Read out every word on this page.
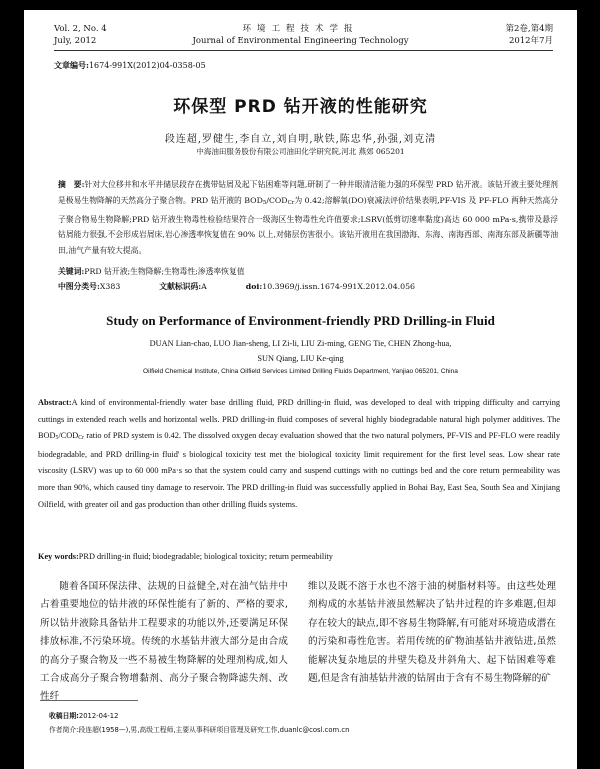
Vol. 2, No. 4
July, 2012
环境工程技术学报
Journal of Environmental Engineering Technology
第2卷,第4期
2012年7月
文章编号:1674-991X(2012)04-0358-05
环保型 PRD 钻开液的性能研究
段连超,罗健生,李自立,刘自明,耿铁,陈忠华,孙强,刘克清
中海油田服务股份有限公司油田化学研究院,河北 燕郊 065201
摘　要:针对大位移井和水平井储层段存在携带钻屑及起下钻困难等问题,研制了一种井眼清洁能力强的环保型 PRD 钻开液。该钻开液主要处理剂是极易生物降解的天然高分子聚合物。PRD 钻开液的 $BOD_5/COD_{Cr}$为 0.42;溶解氧(DO)衰减法评价结果表明,PF-VIS 及 PF-FLO 两种天然高分子聚合物易生物降解;PRD 钻开液生物毒性检验结果符合一级海区生物毒性允许值要求;LSRV(低剪切速率黏度)高达 60 000 mPa·s,携带及悬浮钻屑能力很强,不会形成岩屑床,岩心渗透率恢复值在 90% 以上,对储层伤害很小。该钻开液用在我国渤海、东海、南海西部、南海东部及新疆等油田,油气产量有较大提高。
关键词:PRD 钻开液;生物降解;生物毒性;渗透率恢复值
中图分类号:X383	文献标识码:A	doi:10.3969/j.issn.1674-991X.2012.04.056
Study on Performance of Environment-friendly PRD Drilling-in Fluid
DUAN Lian-chao, LUO Jian-sheng, LI Zi-li, LIU Zi-ming, GENG Tie, CHEN Zhong-hua,
SUN Qiang, LIU Ke-qing
Oilfield Chemical Institute, China Oilfield Services Limited Drilling Fluids Department, Yanjiao 065201, China
Abstract:A kind of environmental-friendly water base drilling fluid, PRD drilling-in fluid, was developed to deal with tripping difficulty and carrying cuttings in extended reach wells and horizontal wells. PRD drilling-in fluid composes of several highly biodegradable natural high polymer additives. The $BOD_5/COD_{Cr}$ ratio of PRD system is 0.42. The dissolved oxygen decay evaluation showed that the two natural polymers, PF-VIS and PF-FLO were readily biodegradable, and PRD drilling-in fluid' s biological toxicity test met the biological toxicity limit requirement for the first level seas. Low shear rate viscosity (LSRV) was up to 60 000 mPa·s so that the system could carry and suspend cuttings with no cuttings bed and the core return permeability was more than 90%, which caused tiny damage to reservoir. The PRD drilling-in fluid was successfully applied in Bohai Bay, East Sea, South Sea and Xinjiang Oilfield, with greater oil and gas production than other drilling fluids systems.
Key words:PRD drilling-in fluid; biodegradable; biological toxicity; return permeability
随着各国环保法律、法规的日益健全,对在油气钻井中占着重要地位的钻井液的环保性能有了新的、严格的要求,所以钻井液除具备钻井工程要求的功能以外,还要满足环保排放标准,不污染环境。传统的水基钻井液大部分是由合成的高分子聚合物及一些不易被生物降解的处理剂构成,如人工合成高分子聚合物增黏剂、高分子聚合物降滤失剂、改性纤
维以及既不溶于水也不溶于油的树脂材料等。由这些处理剂构成的水基钻井液虽然解决了钻井过程的许多难题,但却存在较大的缺点,即不容易生物降解,有可能对环境造成潜在的污染和毒性危害。若用传统的矿物油基钻井液钻进,虽然能解决复杂地层的井壁失稳及井斜角大、起下钻困难等难题,但是含有油基钻井液的钻屑由于含有不易生物降解的矿
收稿日期:2012-04-12
作者简介:段连超(1958—),男,高级工程师,主要从事科研项目管理及研究工作,duanlc@cosl.com.cn
